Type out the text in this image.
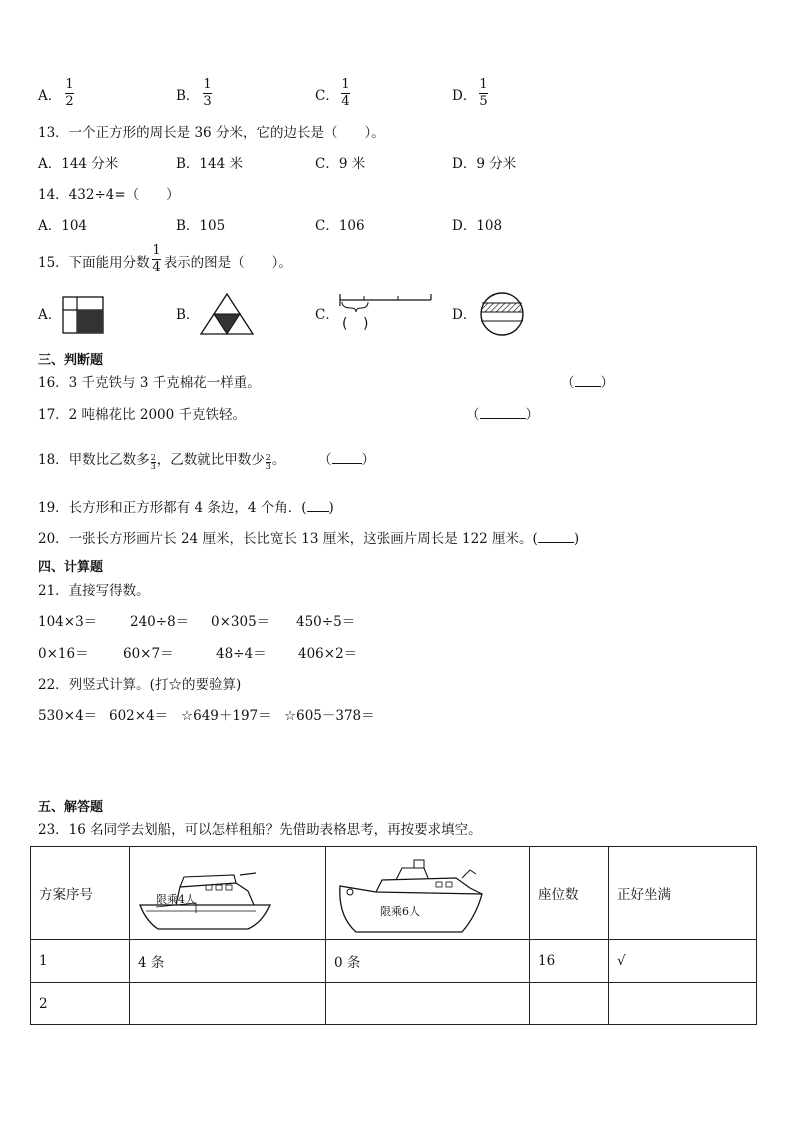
A．
1
2	B．
1
3	C．
1
4	D．
1
5
13．一个正方形的周长是 36 分米，它的边长是（　　）。
A．144 分米	B．144 米	C．9 米	D．9 分米
14．432÷4=（　　）
A．104	B．105	C．106	D．108
15．下面能用分数 表示的图是（　　）。
1
4
A．	B．	C．
( )
D．
三、判断题
16．3 千克铁与 3 千克棉花一样重。	（ ）
17．2 吨棉花比 2000 千克铁轻。	（	）
18．甲数比乙数多 $\frac{2}{3}$ ，乙数就比甲数少 $\frac{2}{3}$ 。 （ ）
19．长方形和正方形都有 4 条边，4 个角．( )
20．一张长方形画片长 24 厘米，长比宽长 13 厘米，这张画片周长是 122 厘米。(	)
四、计算题
21．直接写得数。
104×3＝ 240÷8＝ 0×305＝ 450÷5＝
0×16＝	60×7＝	48÷4＝ 406×2＝
22．列竖式计算。(打☆的要验算)
530×4＝ 602×4＝ ☆649＋197＝ ☆605－378＝
五、解答题
23．16 名同学去划船，可以怎样租船？先借助表格思考，再按要求填空。
方案序号	限乘4人	限乘6人	座位数	正好坐满
1	4 条	0 条	16	√
2				
